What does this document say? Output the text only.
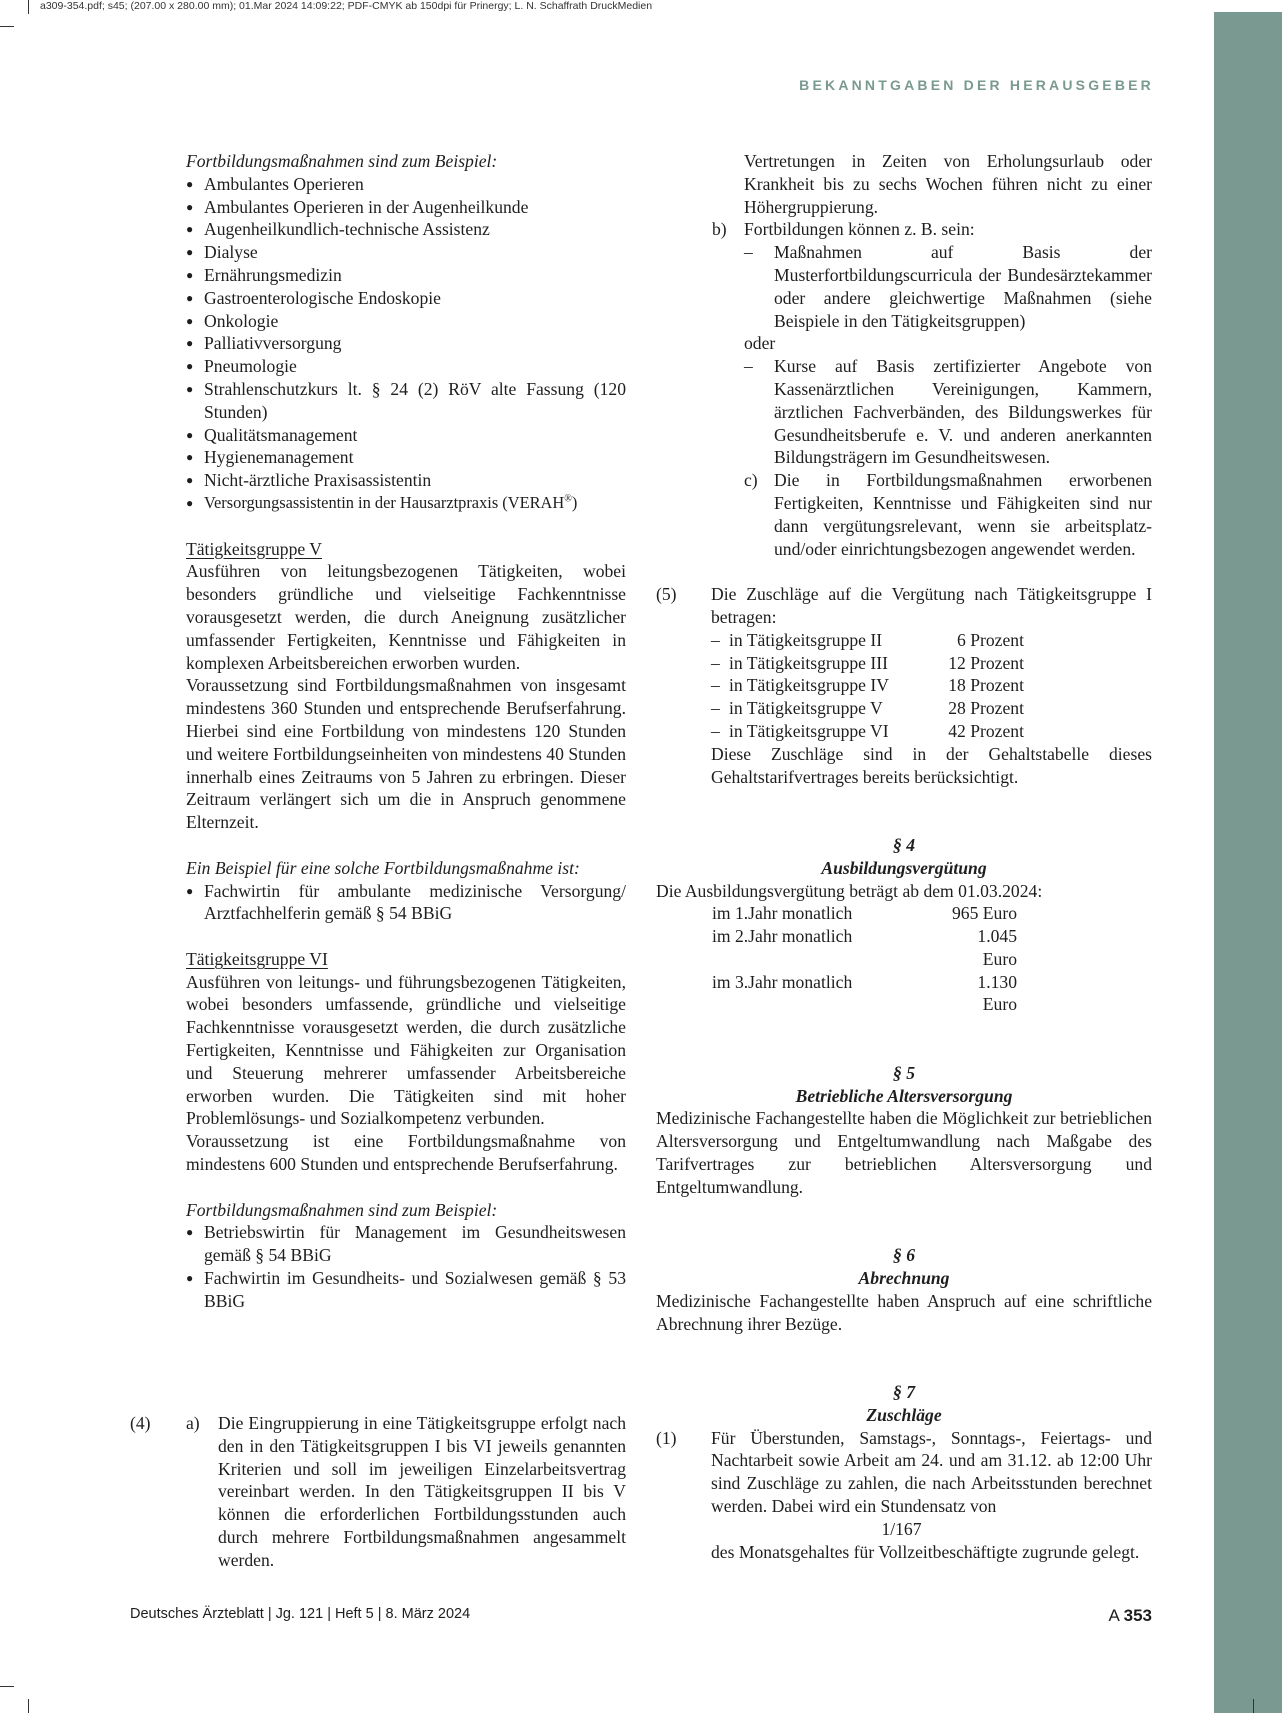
a309-354.pdf; s45; (207.00 x 280.00 mm); 01.Mar 2024 14:09:22; PDF-CMYK ab 150dpi für Prinergy; L. N. Schaffrath DruckMedien
BEKANNTGABEN DER HERAUSGEBER

Fortbildungsmaßnahmen sind zum Beispiel:

● Ambulantes Operieren

● Ambulantes Operieren in der Augenheilkunde

● Augenheilkundlich-technische Assistenz

● Dialyse

● Ernährungsmedizin

● Gastroenterologische Endoskopie

● Onkologie

● Palliativversorgung

● Pneumologie

● Strahlenschutzkurs lt. § 24 (2) RöV alte Fassung (120 Stunden)

● Qualitätsmanagement

● Hygienemanagement

● Nicht-ärztliche Praxisassistentin

● Versorgungsassistentin in der Hausarztpraxis (VERAH®)

Tätigkeitsgruppe V

Ausführen von leitungsbezogenen Tätigkeiten, wobei besonders gründliche und vielseitige Fachkenntnisse vorausgesetzt werden, die durch Aneignung zusätzlicher umfassender Fertigkeiten, Kenntnisse und Fähigkeiten in komplexen Arbeitsbereichen erworben wurden.

Voraussetzung sind Fortbildungsmaßnahmen von insgesamt mindestens 360 Stunden und entsprechende Berufserfahrung. Hierbei sind eine Fortbildung von mindestens 120 Stunden und weitere Fortbildungseinheiten von mindestens 40 Stunden innerhalb eines Zeitraums von 5 Jahren zu erbringen. Dieser Zeitraum verlängert sich um die in Anspruch genommene Elternzeit.

Ein Beispiel für eine solche Fortbildungsmaßnahme ist:

● Fachwirtin für ambulante medizinische Versorgung/ Arztfachhelferin gemäß § 54 BBiG

Tätigkeitsgruppe VI

Ausführen von leitungs- und führungsbezogenen Tätigkeiten, wobei besonders umfassende, gründliche und vielseitige Fachkenntnisse vorausgesetzt werden, die durch zusätzliche Fertigkeiten, Kenntnisse und Fähigkeiten zur Organisation und Steuerung mehrerer umfassender Arbeitsbereiche erworben wurden. Die Tätigkeiten sind mit hoher Problemlösungs- und Sozialkompetenz verbunden.

Voraussetzung ist eine Fortbildungsmaßnahme von mindestens 600 Stunden und entsprechende Berufserfahrung.

Fortbildungsmaßnahmen sind zum Beispiel:

● Betriebswirtin für Management im Gesundheitswesen gemäß § 54 BBiG

● Fachwirtin im Gesundheits- und Sozialwesen gemäß § 53 BBiG

(4) a) Die Eingruppierung in eine Tätigkeitsgruppe erfolgt nach den in den Tätigkeitsgruppen I bis VI jeweils genannten Kriterien und soll im jeweiligen Einzelarbeitsvertrag vereinbart werden. In den Tätigkeitsgruppen II bis V können die erforderlichen Fortbildungsstunden auch durch mehrere Fortbildungsmaßnahmen angesammelt werden.

Vertretungen in Zeiten von Erholungsurlaub oder Krankheit bis zu sechs Wochen führen nicht zu einer Höhergruppierung.

b) Fortbildungen können z. B. sein:

– Maßnahmen auf Basis der Musterfortbildungscurricula der Bundesärztekammer oder andere gleichwertige Maßnahmen (siehe Beispiele in den Tätigkeitsgruppen)

oder

– Kurse auf Basis zertifizierter Angebote von Kassenärztlichen Vereinigungen, Kammern, ärztlichen Fachverbänden, des Bildungswerkes für Gesundheitsberufe e. V. und anderen anerkannten Bildungsträgern im Gesundheitswesen.

c) Die in Fortbildungsmaßnahmen erworbenen Fertigkeiten, Kenntnisse und Fähigkeiten sind nur dann vergütungsrelevant, wenn sie arbeitsplatz- und/oder einrichtungsbezogen angewendet werden.

(5) Die Zuschläge auf die Vergütung nach Tätigkeitsgruppe I betragen:

– in Tätigkeitsgruppe II	6 Prozent
– in Tätigkeitsgruppe III	12 Prozent
– in Tätigkeitsgruppe IV	18 Prozent
– in Tätigkeitsgruppe V	28 Prozent
– in Tätigkeitsgruppe VI	42 Prozent

Diese Zuschläge sind in der Gehaltstabelle dieses Gehaltstarifvertrages bereits berücksichtigt.

§ 4

Ausbildungsvergütung

Die Ausbildungsvergütung beträgt ab dem 01.03.2024:

im 1.Jahr monatlich	965 Euro
im 2.Jahr monatlich	1.045 Euro
im 3.Jahr monatlich	1.130 Euro

§ 5

Betriebliche Altersversorgung

Medizinische Fachangestellte haben die Möglichkeit zur betrieblichen Altersversorgung und Entgeltumwandlung nach Maßgabe des Tarifvertrages zur betrieblichen Altersversorgung und Entgeltumwandlung.

§ 6

Abrechnung

Medizinische Fachangestellte haben Anspruch auf eine schriftliche Abrechnung ihrer Bezüge.

§ 7

Zuschläge

(1) Für Überstunden, Samstags-, Sonntags-, Feiertags- und Nachtarbeit sowie Arbeit am 24. und am 31.12. ab 12:00 Uhr sind Zuschläge zu zahlen, die nach Arbeitsstunden berechnet werden. Dabei wird ein Stundensatz von

1/167

des Monatsgehaltes für Vollzeitbeschäftigte zugrunde gelegt.

Deutsches Ärzteblatt | Jg. 121 | Heft 5 | 8. März 2024	A 353
